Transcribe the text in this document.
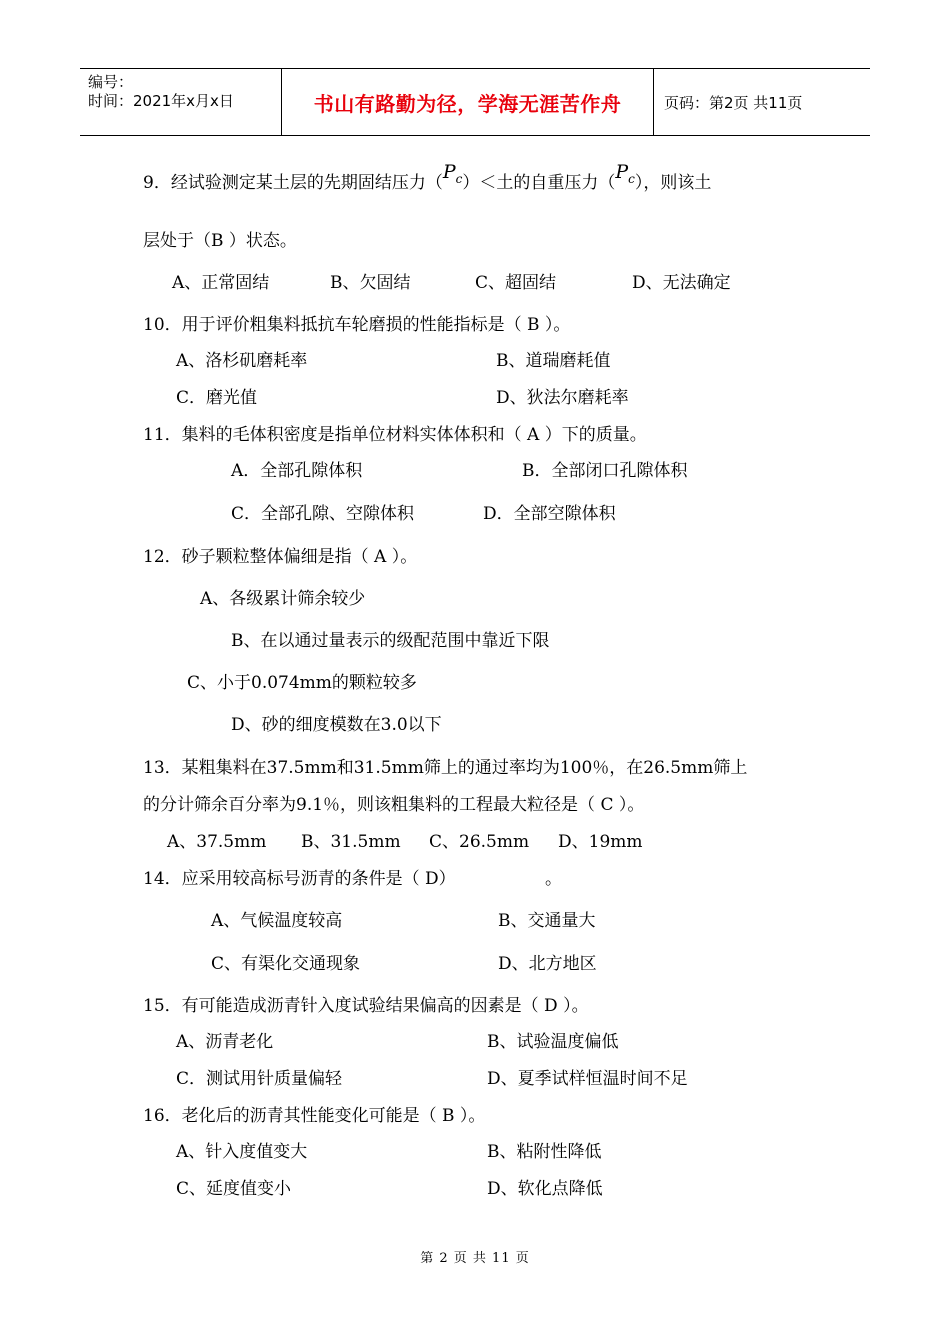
编号：
时间：2021年x月x日	书山有路勤为径，学海无涯苦作舟	页码：第2页 共11页
9．经试验测定某土层的先期固结压力$(P_c)<$土的自重压力$(P_c)$，则该土
层处于（B ）状态。
A、正常固结	B、欠固结	C、超固结	D、无法确定
10．用于评价粗集料抵抗车轮磨损的性能指标是（ B ）。
A、洛杉矶磨耗率	B、道瑞磨耗值
C．磨光值	D、狄法尔磨耗率
11．集料的毛体积密度是指单位材料实体体积和（ A ）下的质量。
A．全部孔隙体积	B．全部闭口孔隙体积
C．全部孔隙、空隙体积	D．全部空隙体积
12．砂子颗粒整体偏细是指（ A ）。
A、各级累计筛余较少
B、在以通过量表示的级配范围中靠近下限
C、小于0.074mm的颗粒较多
D、砂的细度模数在3.0以下
13．某粗集料在37.5mm和31.5mm筛上的通过率均为100％，在26.5mm筛上
的分计筛余百分率为9.1％，则该粗集料的工程最大粒径是（ C ）。
A、37.5mm B、31.5mm C、26.5mm D、19mm
14．应采用较高标号沥青的条件是（ D）	。
A、气候温度较高	B、交通量大
C、有渠化交通现象	D、北方地区
15．有可能造成沥青针入度试验结果偏高的因素是（ D ）。
A、沥青老化	B、试验温度偏低
C．测试用针质量偏轻	D、夏季试样恒温时间不足
16．老化后的沥青其性能变化可能是（ B ）。
A、针入度值变大	B、粘附性降低
C、延度值变小	D、软化点降低
第 2 页 共 11 页
